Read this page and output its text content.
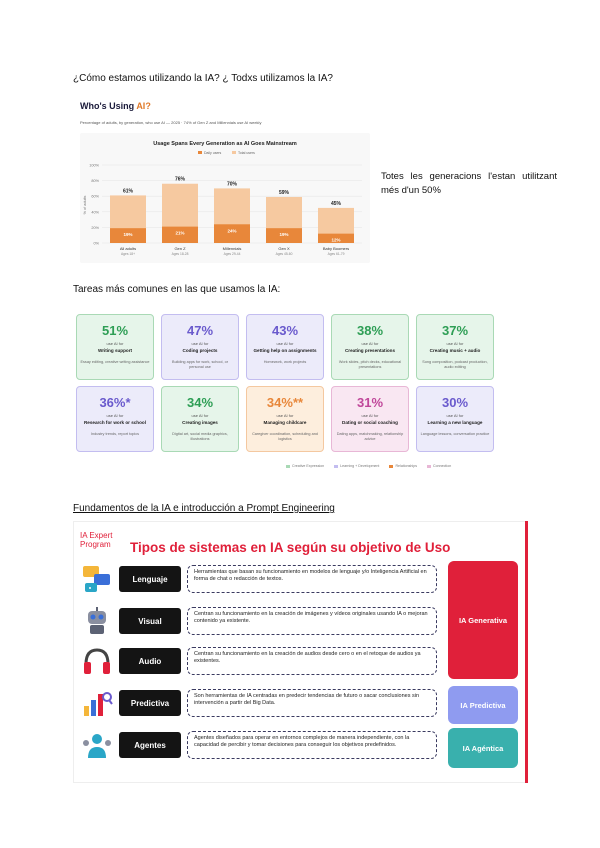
¿Cómo estamos utilizando la IA? ¿ Todxs utilizamos la IA?
Who's Using AI?
Percentage of adults, by generation, who use AI — 2025 · 74% of Gen Z and Millennials use AI weekly
Usage Spans Every Generation as AI Goes Mainstream
Daily users	Total users
0%
20%
40%
60%
80%
100%
% of adults
61%
19%
All adults
Ages 18+
76%
21%
Gen Z
Ages 18-28
70%
24%
Millennials
Ages 29-44
59%
19%
Gen X
Ages 45-60
45%
12%
Baby Boomers
Ages 61-79
Totes les generacions l'estan utilitzant més d'un 50%
Tareas más comunes en las que usamos la IA:
51%
use AI for
Writing support
Essay editing, creative writing assistance
47%
use AI for
Coding projects
Building apps for work, school, or personal use
43%
use AI for
Getting help on assignments
Homework, work projects
38%
use AI for
Creating presentations
Work slides, pitch decks, educational presentations
37%
use AI for
Creating music + audio
Song composition, podcast production, audio editing
36%*
use AI for
Research for work or school
Industry trends, report topics
34%
use AI for
Creating images
Digital art, social media graphics, illustrations
34%**
use AI for
Managing childcare
Caregiver coordination, scheduling and logistics
31%
use AI for
Dating or social coaching
Dating apps, matchmaking, relationship advice
30%
use AI for
Learning a new language
Language lessons, conversation practice
Creative Expression	Learning + Development	Relationships	Connection
Fundamentos de la IA e introducción a Prompt Engineering
IA Expert
Program Tipos de sistemas en IA según su objetivo de Uso
Lenguaje
Herramientas que basan su funcionamiento en modelos de lenguaje y/o Inteligencia Artificial en forma de chat o redacción de textos.
Visual
Centran su funcionamiento en la creación de imágenes y vídeos originales usando IA o mejoran contenido ya existente.
Audio
Centran su funcionamiento en la creación de audios desde cero o en el retoque de audios ya existentes.
Predictiva
Son herramientas de IA centradas en predecir tendencias de futuro o sacar conclusiones sin intervención a partir del Big Data.
Agentes
Agentes diseñados para operar en entornos complejos de manera independiente, con la capacidad de percibir y tomar decisiones para conseguir los objetivos predefinidos.
IA Generativa
IA Predictiva
IA Agéntica
